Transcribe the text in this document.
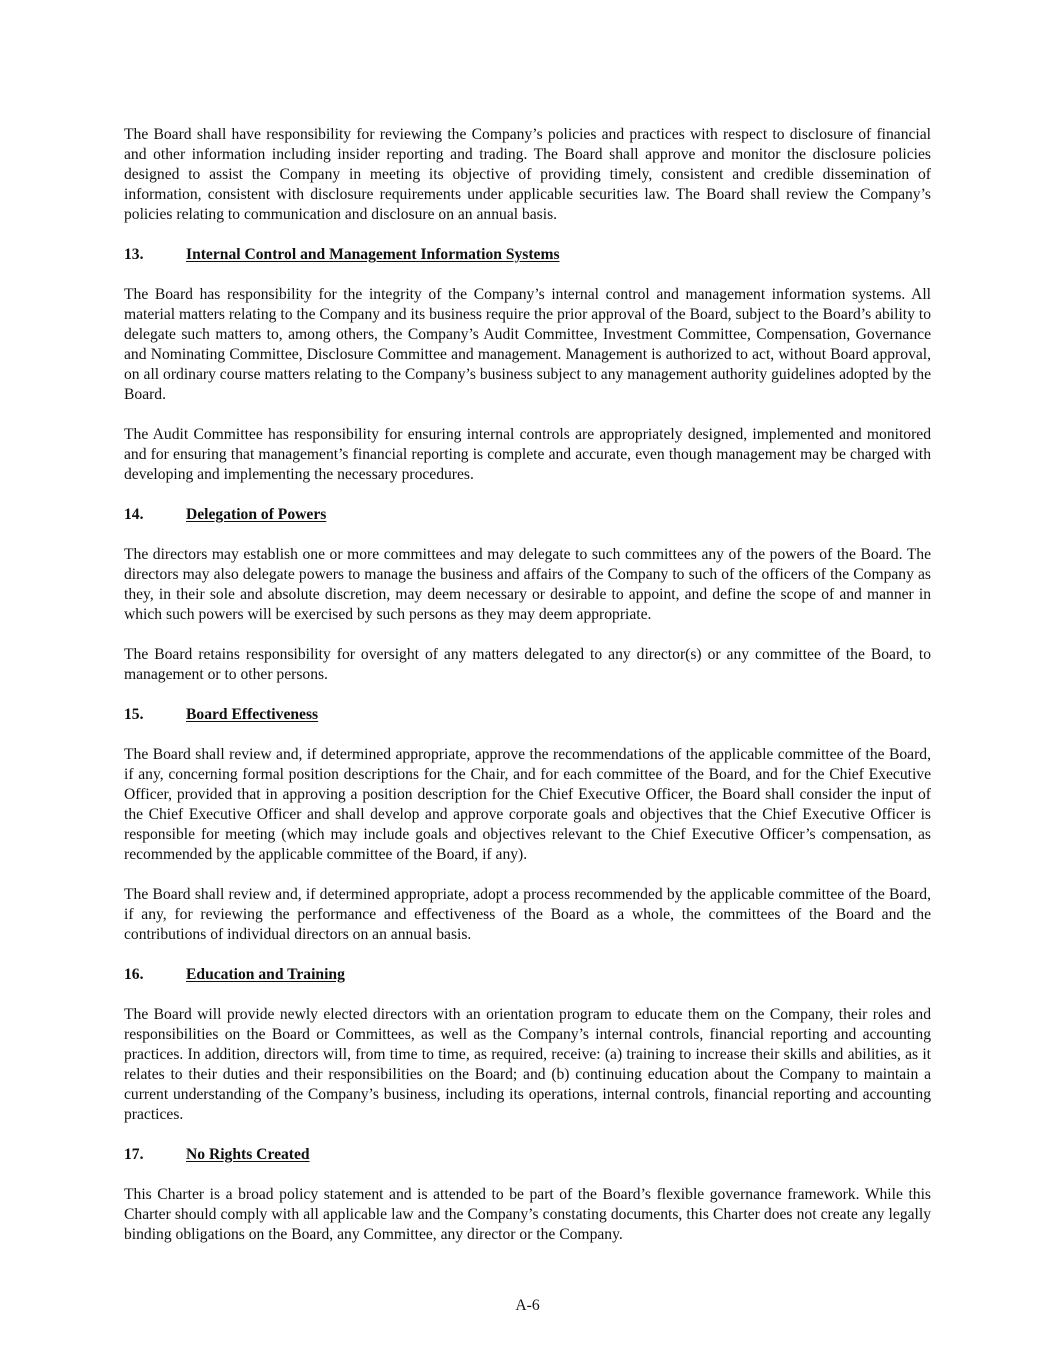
The Board shall have responsibility for reviewing the Company’s policies and practices with respect to disclosure of financial and other information including insider reporting and trading. The Board shall approve and monitor the disclosure policies designed to assist the Company in meeting its objective of providing timely, consistent and credible dissemination of information, consistent with disclosure requirements under applicable securities law. The Board shall review the Company’s policies relating to communication and disclosure on an annual basis.

13.	Internal Control and Management Information Systems

The Board has responsibility for the integrity of the Company’s internal control and management information systems. All material matters relating to the Company and its business require the prior approval of the Board, subject to the Board’s ability to delegate such matters to, among others, the Company’s Audit Committee, Investment Committee, Compensation, Governance and Nominating Committee, Disclosure Committee and management. Management is authorized to act, without Board approval, on all ordinary course matters relating to the Company’s business subject to any management authority guidelines adopted by the Board.

The Audit Committee has responsibility for ensuring internal controls are appropriately designed, implemented and monitored and for ensuring that management’s financial reporting is complete and accurate, even though management may be charged with developing and implementing the necessary procedures.

14.	Delegation of Powers

The directors may establish one or more committees and may delegate to such committees any of the powers of the Board. The directors may also delegate powers to manage the business and affairs of the Company to such of the officers of the Company as they, in their sole and absolute discretion, may deem necessary or desirable to appoint, and define the scope of and manner in which such powers will be exercised by such persons as they may deem appropriate.

The Board retains responsibility for oversight of any matters delegated to any director(s) or any committee of the Board, to management or to other persons.

15.	Board Effectiveness

The Board shall review and, if determined appropriate, approve the recommendations of the applicable committee of the Board, if any, concerning formal position descriptions for the Chair, and for each committee of the Board, and for the Chief Executive Officer, provided that in approving a position description for the Chief Executive Officer, the Board shall consider the input of the Chief Executive Officer and shall develop and approve corporate goals and objectives that the Chief Executive Officer is responsible for meeting (which may include goals and objectives relevant to the Chief Executive Officer’s compensation, as recommended by the applicable committee of the Board, if any).

The Board shall review and, if determined appropriate, adopt a process recommended by the applicable committee of the Board, if any, for reviewing the performance and effectiveness of the Board as a whole, the committees of the Board and the contributions of individual directors on an annual basis.

16.	Education and Training

The Board will provide newly elected directors with an orientation program to educate them on the Company, their roles and responsibilities on the Board or Committees, as well as the Company’s internal controls, financial reporting and accounting practices. In addition, directors will, from time to time, as required, receive: (a) training to increase their skills and abilities, as it relates to their duties and their responsibilities on the Board; and (b) continuing education about the Company to maintain a current understanding of the Company’s business, including its operations, internal controls, financial reporting and accounting practices.

17.	No Rights Created

This Charter is a broad policy statement and is attended to be part of the Board’s flexible governance framework. While this Charter should comply with all applicable law and the Company’s constating documents, this Charter does not create any legally binding obligations on the Board, any Committee, any director or the Company.

A-6
